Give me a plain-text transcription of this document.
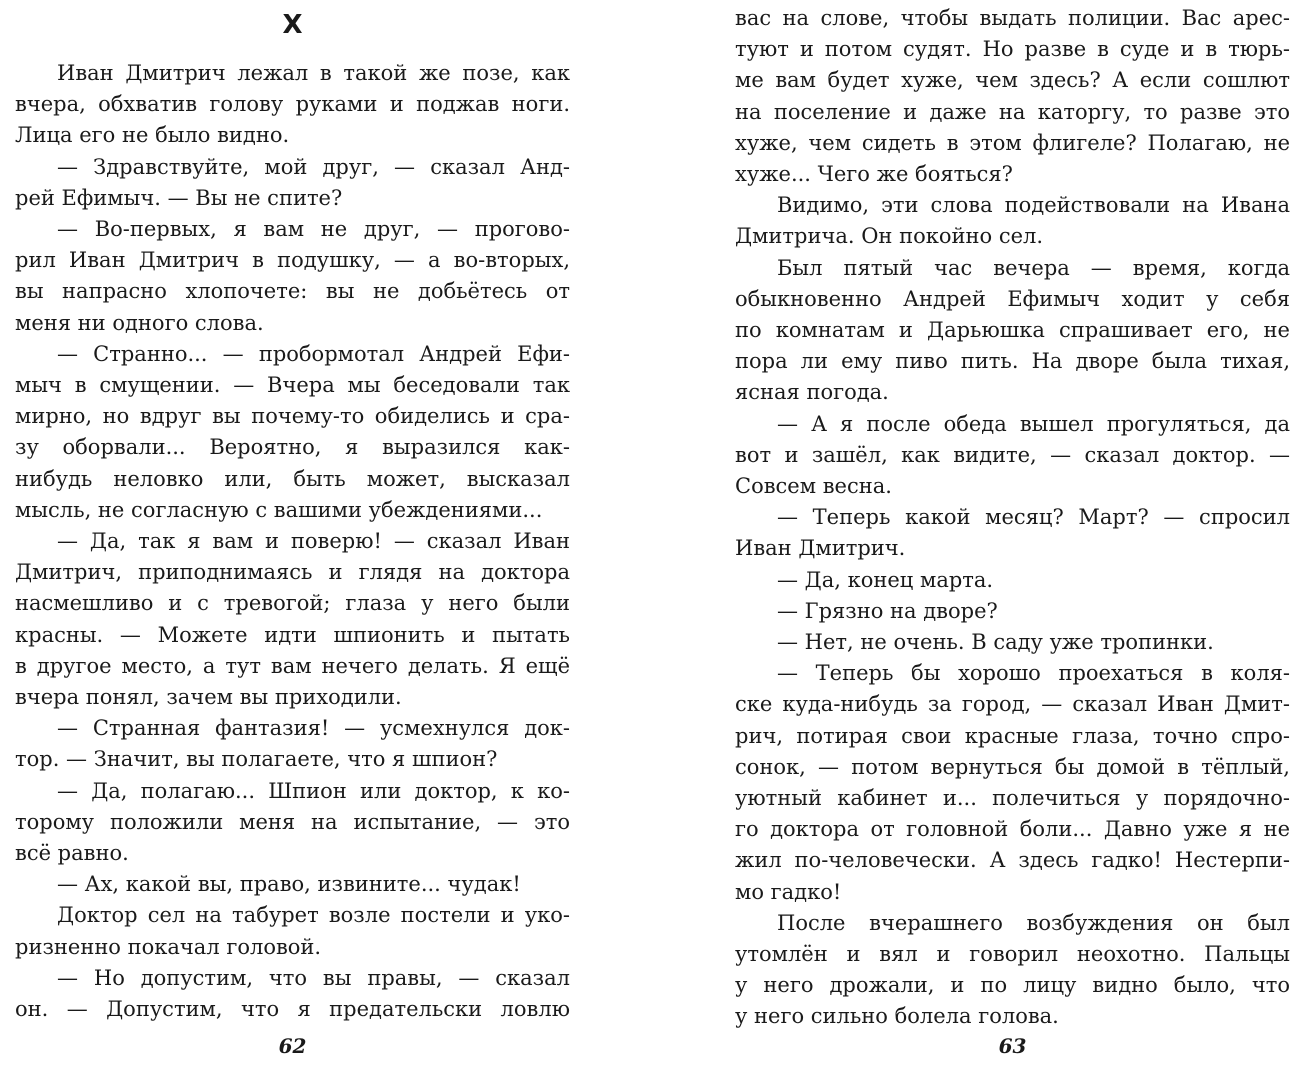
X
Иван Дмитрич лежал в такой же позе, как
вчера, обхватив голову руками и поджав ноги.
Лица его не было видно.
— Здравствуйте, мой друг, — сказал Анд-
рей Ефимыч. — Вы не спите?
— Во-первых, я вам не друг, — прогово-
рил Иван Дмитрич в подушку, — а во-вторых,
вы напрасно хлопочете: вы не добьётесь от
меня ни одного слова.
— Странно... — пробормотал Андрей Ефи-
мыч в смущении. — Вчера мы беседовали так
мирно, но вдруг вы почему-то обиделись и сра-
зу оборвали... Вероятно, я выразился как-
нибудь неловко или, быть может, высказал
мысль, не согласную с вашими убеждениями...
— Да, так я вам и поверю! — сказал Иван
Дмитрич, приподнимаясь и глядя на доктора
насмешливо и с тревогой; глаза у него были
красны. — Можете идти шпионить и пытать
в другое место, а тут вам нечего делать. Я ещё
вчера понял, зачем вы приходили.
— Странная фантазия! — усмехнулся док-
тор. — Значит, вы полагаете, что я шпион?
— Да, полагаю... Шпион или доктор, к ко-
торому положили меня на испытание, — это
всё равно.
— Ах, какой вы, право, извините... чудак!
Доктор сел на табурет возле постели и уко-
ризненно покачал головой.
— Но допустим, что вы правы, — сказал
он. — Допустим, что я предательски ловлю
62
вас на слове, чтобы выдать полиции. Вас арес-
туют и потом судят. Но разве в суде и в тюрь-
ме вам будет хуже, чем здесь? А если сошлют
на поселение и даже на каторгу, то разве это
хуже, чем сидеть в этом флигеле? Полагаю, не
хуже... Чего же бояться?
Видимо, эти слова подействовали на Ивана
Дмитрича. Он покойно сел.
Был пятый час вечера — время, когда
обыкновенно Андрей Ефимыч ходит у себя
по комнатам и Дарьюшка спрашивает его, не
пора ли ему пиво пить. На дворе была тихая,
ясная погода.
— А я после обеда вышел прогуляться, да
вот и зашёл, как видите, — сказал доктор. —
Совсем весна.
— Теперь какой месяц? Март? — спросил
Иван Дмитрич.
— Да, конец марта.
— Грязно на дворе?
— Нет, не очень. В саду уже тропинки.
— Теперь бы хорошо проехаться в коля-
ске куда-нибудь за город, — сказал Иван Дмит-
рич, потирая свои красные глаза, точно спро-
сонок, — потом вернуться бы домой в тёплый,
уютный кабинет и... полечиться у порядочно-
го доктора от головной боли... Давно уже я не
жил по-человечески. А здесь гадко! Нестерпи-
мо гадко!
После вчерашнего возбуждения он был
утомлён и вял и говорил неохотно. Пальцы
у него дрожали, и по лицу видно было, что
у него сильно болела голова.
63
